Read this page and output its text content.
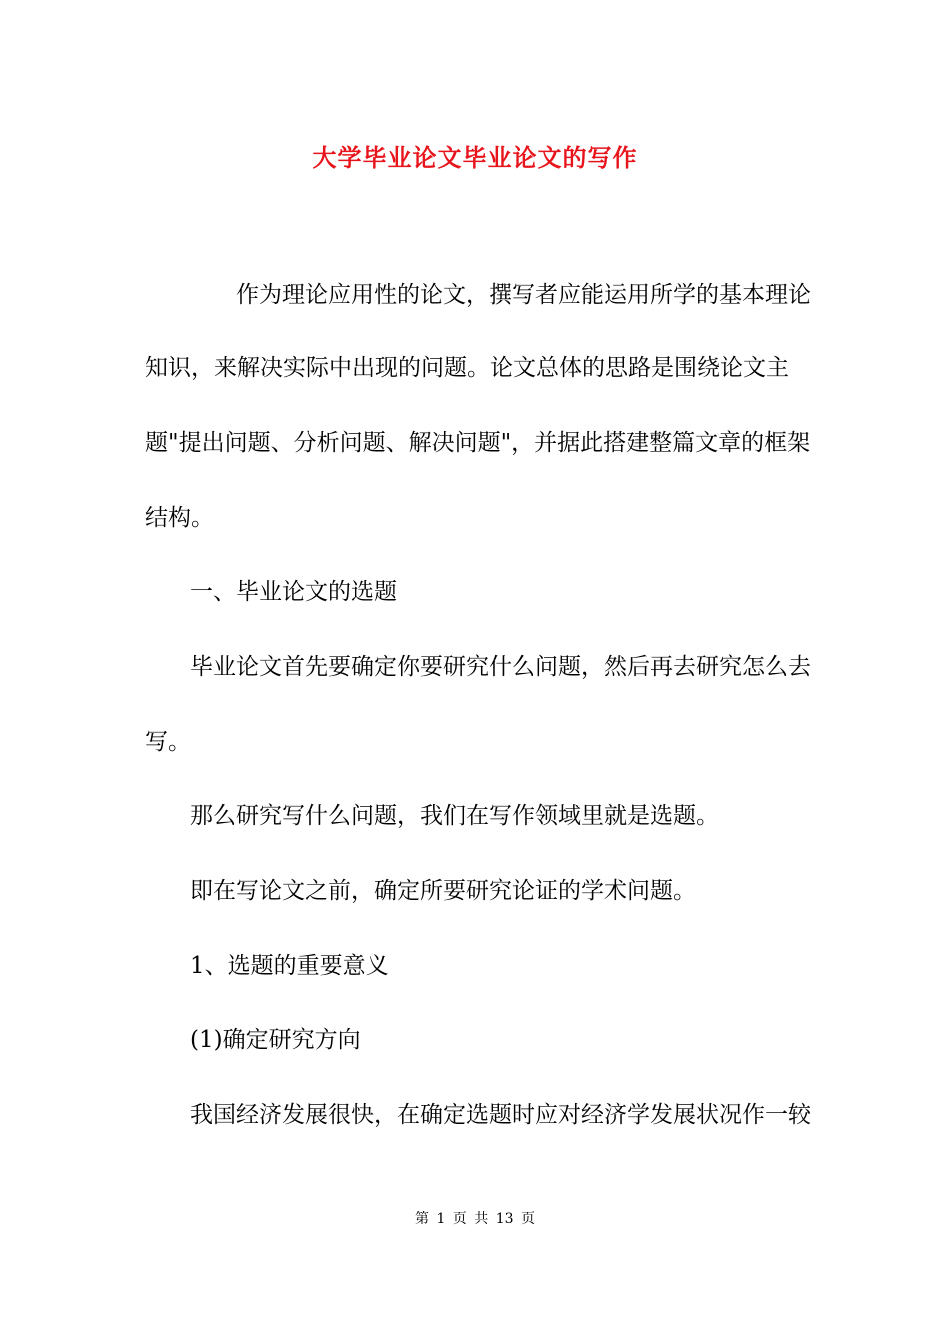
大学毕业论文毕业论文的写作
作为理论应用性的论文，撰写者应能运用所学的基本理论
知识，来解决实际中出现的问题。论文总体的思路是围绕论文主
题"提出问题、分析问题、解决问题"，并据此搭建整篇文章的框架
结构。
一、毕业论文的选题
毕业论文首先要确定你要研究什么问题，然后再去研究怎么去
写。
那么研究写什么问题，我们在写作领域里就是选题。
即在写论文之前，确定所要研究论证的学术问题。
1、选题的重要意义
(1)确定研究方向
我国经济发展很快，在确定选题时应对经济学发展状况作一较
第 1 页 共 13 页
